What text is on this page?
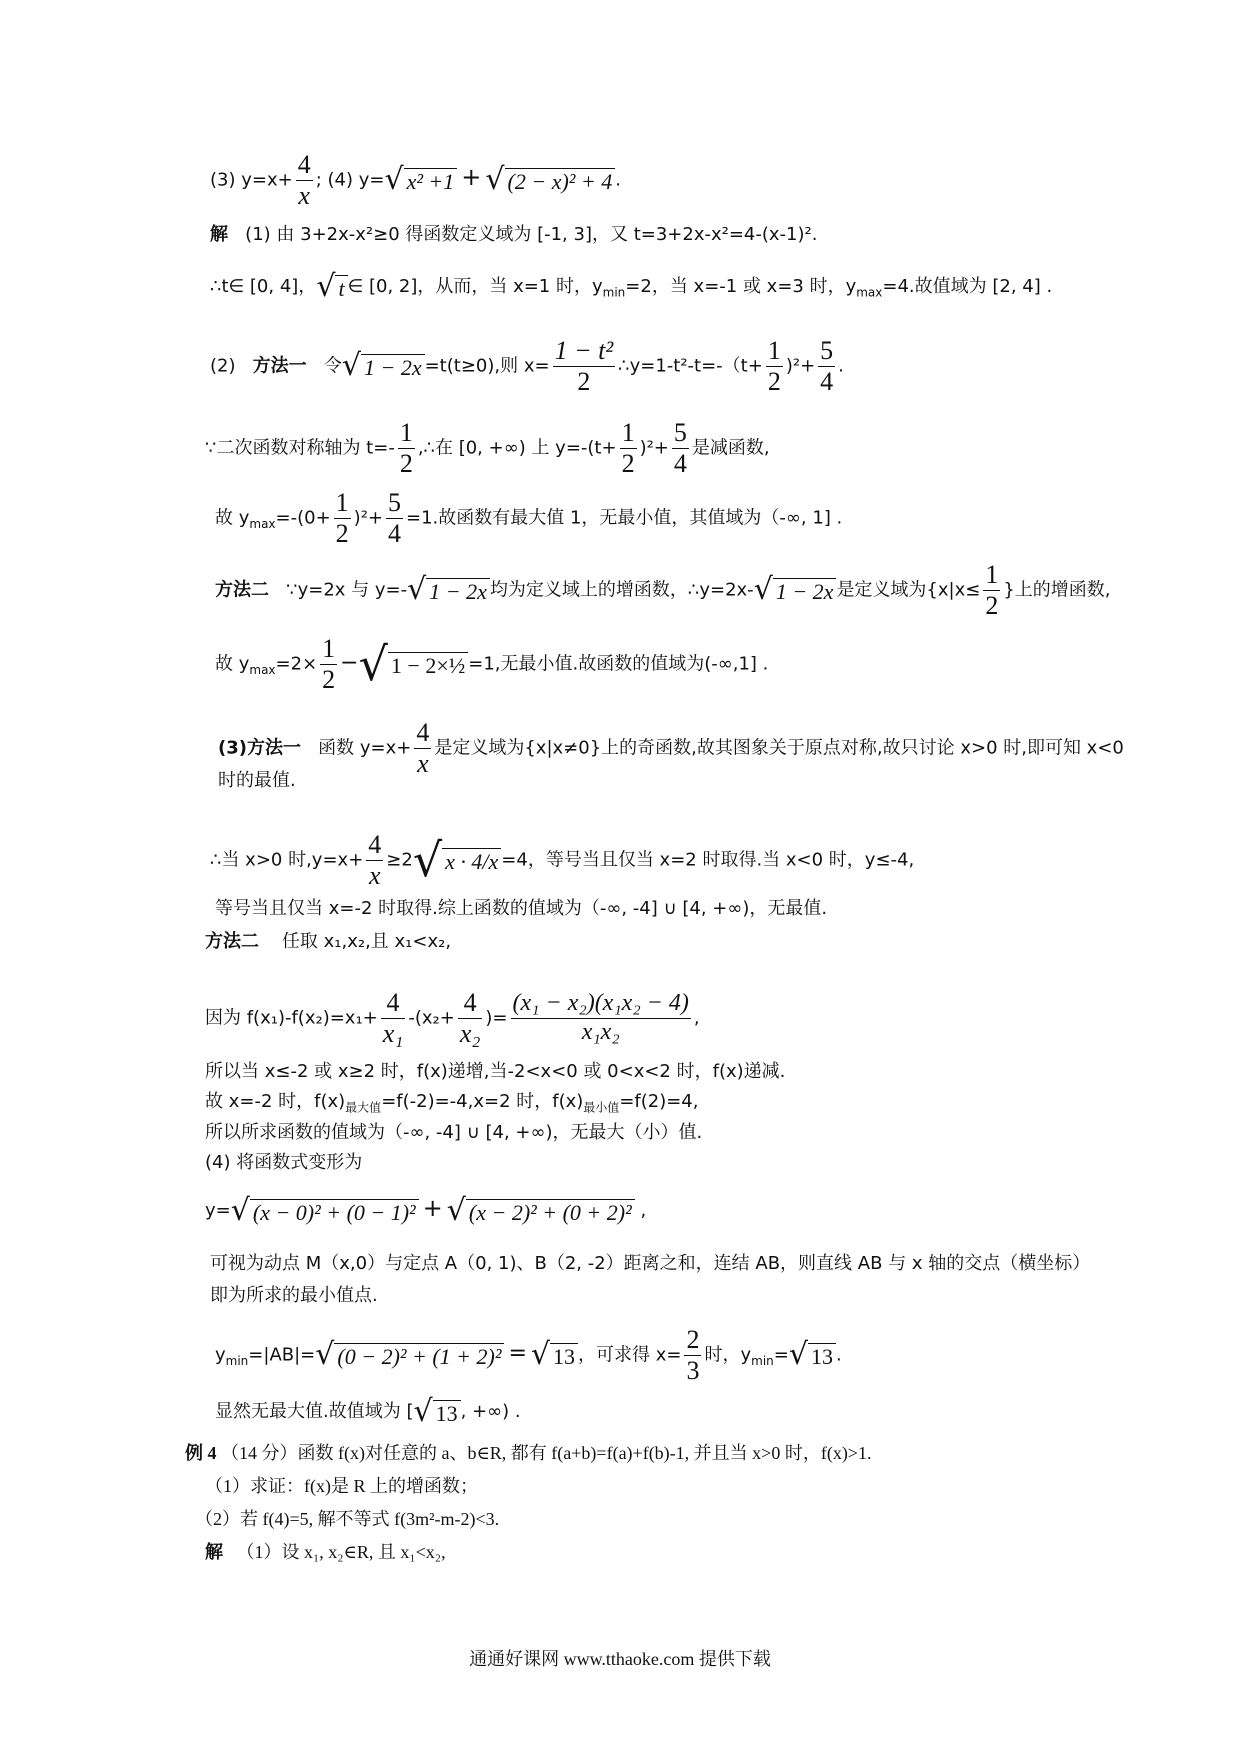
(3) $y=x+ \frac{4}{x}$ ; (4) y=√ x² +1 + √ (2 − x)² + 4 .
解 (1) 由 3+2x-x²≥0 得函数定义域为 [-1, 3]，又 t=3+2x-x²=4-(x-1)².
∴t∈ [0, 4]，√ t ∈ [0, 2]，从而，当 x=1 时，$y_{min}=2$，当 x=-1 或 x=3 时，$y_{max}=4$.故值域为 [2, 4] .
(2) 方法一 令√ 1 − 2x =t(t≥0),则 $x= \frac{\text{1 − t²}}{2}$ ∴y=1-t²-t=-（t+ $\frac{1}{2} )^2+ \frac{5}{4}$ .
∵二次函数对称轴为 $t=- \frac{1}{2}$ ,∴在 [0, +∞) 上 $y=-(t+ \frac{1}{2} )^2+ \frac{5}{4}$ 是减函数,
故 $y_{max}=-(0+ \frac{1}{2} )^2+ \frac{5}{4} =1$.故函数有最大值 1，无最小值，其值域为（-∞, 1] .
方法二 ∵y=2x 与 y=-√ 1 − 2x 均为定义域上的增函数，∴y=2x-√ 1 − 2x 是定义域为{$x|x\le \frac{1}{2}$ }上的增函数,
故 $y_{max}=2\times \frac{1}{2}$ −√ 1 − 2×½ =1,无最小值.故函数的值域为(-∞,1] .
(3)方法一 函数 $y=x+ \frac{4}{x}$ 是定义域为{x|x≠0}上的奇函数,故其图象关于原点对称,故只讨论 x>0 时,即可知 x<0
时的最值.
∴当 x>0 时$,y=x+ \frac{4}{x} \ge 2√$ x · 4/x =4，等号当且仅当 x=2 时取得.当 x<0 时，y≤-4,
等号当且仅当 x=-2 时取得.综上函数的值域为（-∞, -4] ∪ [4, +∞)，无最值.
方法二 任取 x₁,x₂,且 x₁<x₂,
因为 $f(x_1)-f(x_2)=x_1+ \frac{4}{\text{x₁}} -(x_2+ \frac{4}{\text{x₂}}$ )= $\frac{\text{(x₁ − x₂)(x₁x₂ − 4)}}{\text{x₁x₂}}$ ,
所以当 x≤-2 或 x≥2 时，f(x)递增,当-2<x<0 或 0<x<2 时，f(x)递减.
故 x=-2 时，$f(x)_{最大值}=f(-2)=-4,x=2$ 时，$f(x)_{最小值}=f(2)=4$,
所以所求函数的值域为（-∞, -4] ∪ [4, +∞)，无最大（小）值.
(4) 将函数式变形为
y=√ (x − 0)² + (0 − 1)² + √ (x − 2)² + (0 + 2)² ,
可视为动点 M（x,0）与定点 A（0, 1)、B（2, -2）距离之和，连结 AB，则直线 AB 与 x 轴的交点（横坐标）
即为所求的最小值点.
$y_{min}=|AB|=√$ (0 − 2)² + (1 + 2)² = √ 13 ，可求得 $x= \frac{2}{3}$ 时，$y_{min}=√$ 13 .
显然无最大值.故值域为 [√ 13 , +∞) .
例 4 （14 分）函数 f(x)对任意的 a、b∈R, 都有 f(a+b)=f(a)+f(b)-1, 并且当 x>0 时，f(x)>1.
（1）求证：f(x)是 R 上的增函数；
（2）若 f(4)=5, 解不等式 f(3m²-m-2)<3.
解 （1）设 x₁, x₂∈R, 且 x₁<x₂,
通通好课网 www.tthaoke.com 提供下载
